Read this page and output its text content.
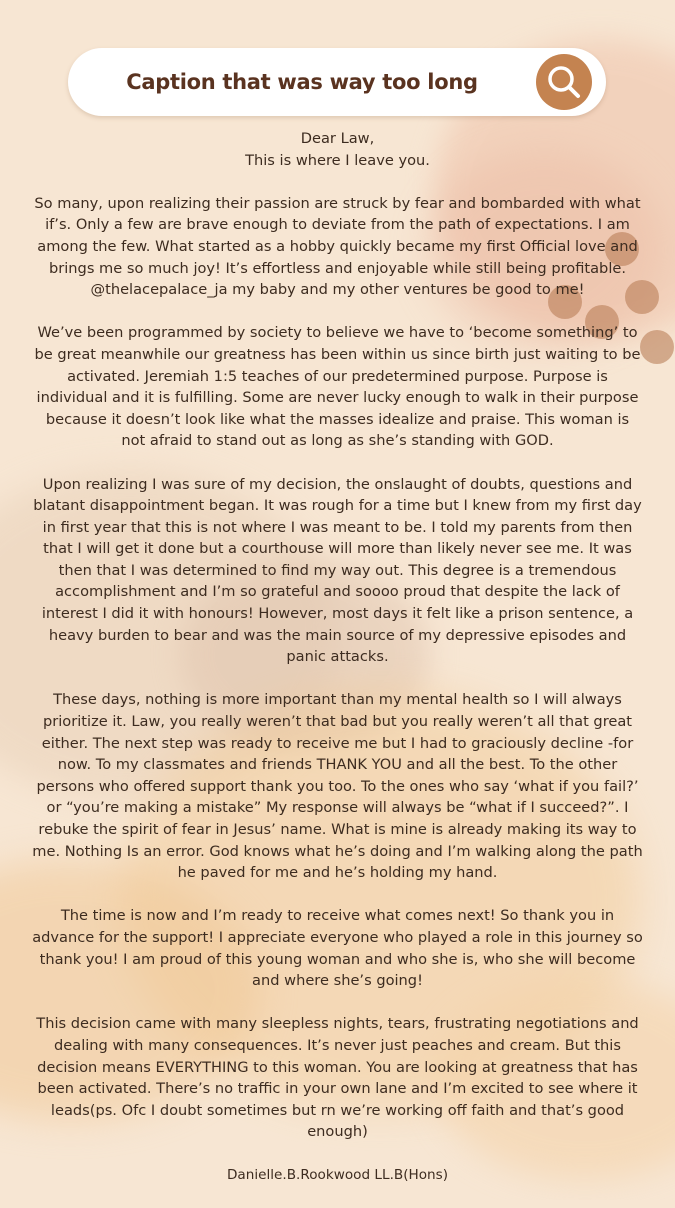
Caption that was way too long

Dear Law,
This is where I leave you.

So many, upon realizing their passion are struck by fear and bombarded with what if’s. Only a few are brave enough to deviate from the path of expectations. I am among the few. What started as a hobby quickly became my first Official love and brings me so much joy! It’s effortless and enjoyable while still being profitable. @thelacepalace_ja my baby and my other ventures be good to me!

We’ve been programmed by society to believe we have to ‘become something’ to be great meanwhile our greatness has been within us since birth just waiting to be activated. Jeremiah 1:5 teaches of our predetermined purpose. Purpose is individual and it is fulfilling. Some are never lucky enough to walk in their purpose because it doesn’t look like what the masses idealize and praise. This woman is not afraid to stand out as long as she’s standing with GOD.

Upon realizing I was sure of my decision, the onslaught of doubts, questions and blatant disappointment began. It was rough for a time but I knew from my first day in first year that this is not where I was meant to be. I told my parents from then that I will get it done but a courthouse will more than likely never see me. It was then that I was determined to find my way out. This degree is a tremendous accomplishment and I’m so grateful and soooo proud that despite the lack of interest I did it with honours! However, most days it felt like a prison sentence, a heavy burden to bear and was the main source of my depressive episodes and panic attacks.

These days, nothing is more important than my mental health so I will always prioritize it. Law, you really weren’t that bad but you really weren’t all that great either. The next step was ready to receive me but I had to graciously decline -for now. To my classmates and friends THANK YOU and all the best. To the other persons who offered support thank you too. To the ones who say ‘what if you fail?’ or “you’re making a mistake” My response will always be “what if I succeed?”. I rebuke the spirit of fear in Jesus’ name. What is mine is already making its way to me. Nothing Is an error. God knows what he’s doing and I’m walking along the path he paved for me and he’s holding my hand.

The time is now and I’m ready to receive what comes next! So thank you in advance for the support! I appreciate everyone who played a role in this journey so thank you! I am proud of this young woman and who she is, who she will become and where she’s going!

This decision came with many sleepless nights, tears, frustrating negotiations and dealing with many consequences. It’s never just peaches and cream. But this decision means EVERYTHING to this woman. You are looking at greatness that has been activated. There’s no traffic in your own lane and I’m excited to see where it leads(ps. Ofc I doubt sometimes but rn we’re working off faith and that’s good enough)

Danielle.B.Rookwood LL.B(Hons)
